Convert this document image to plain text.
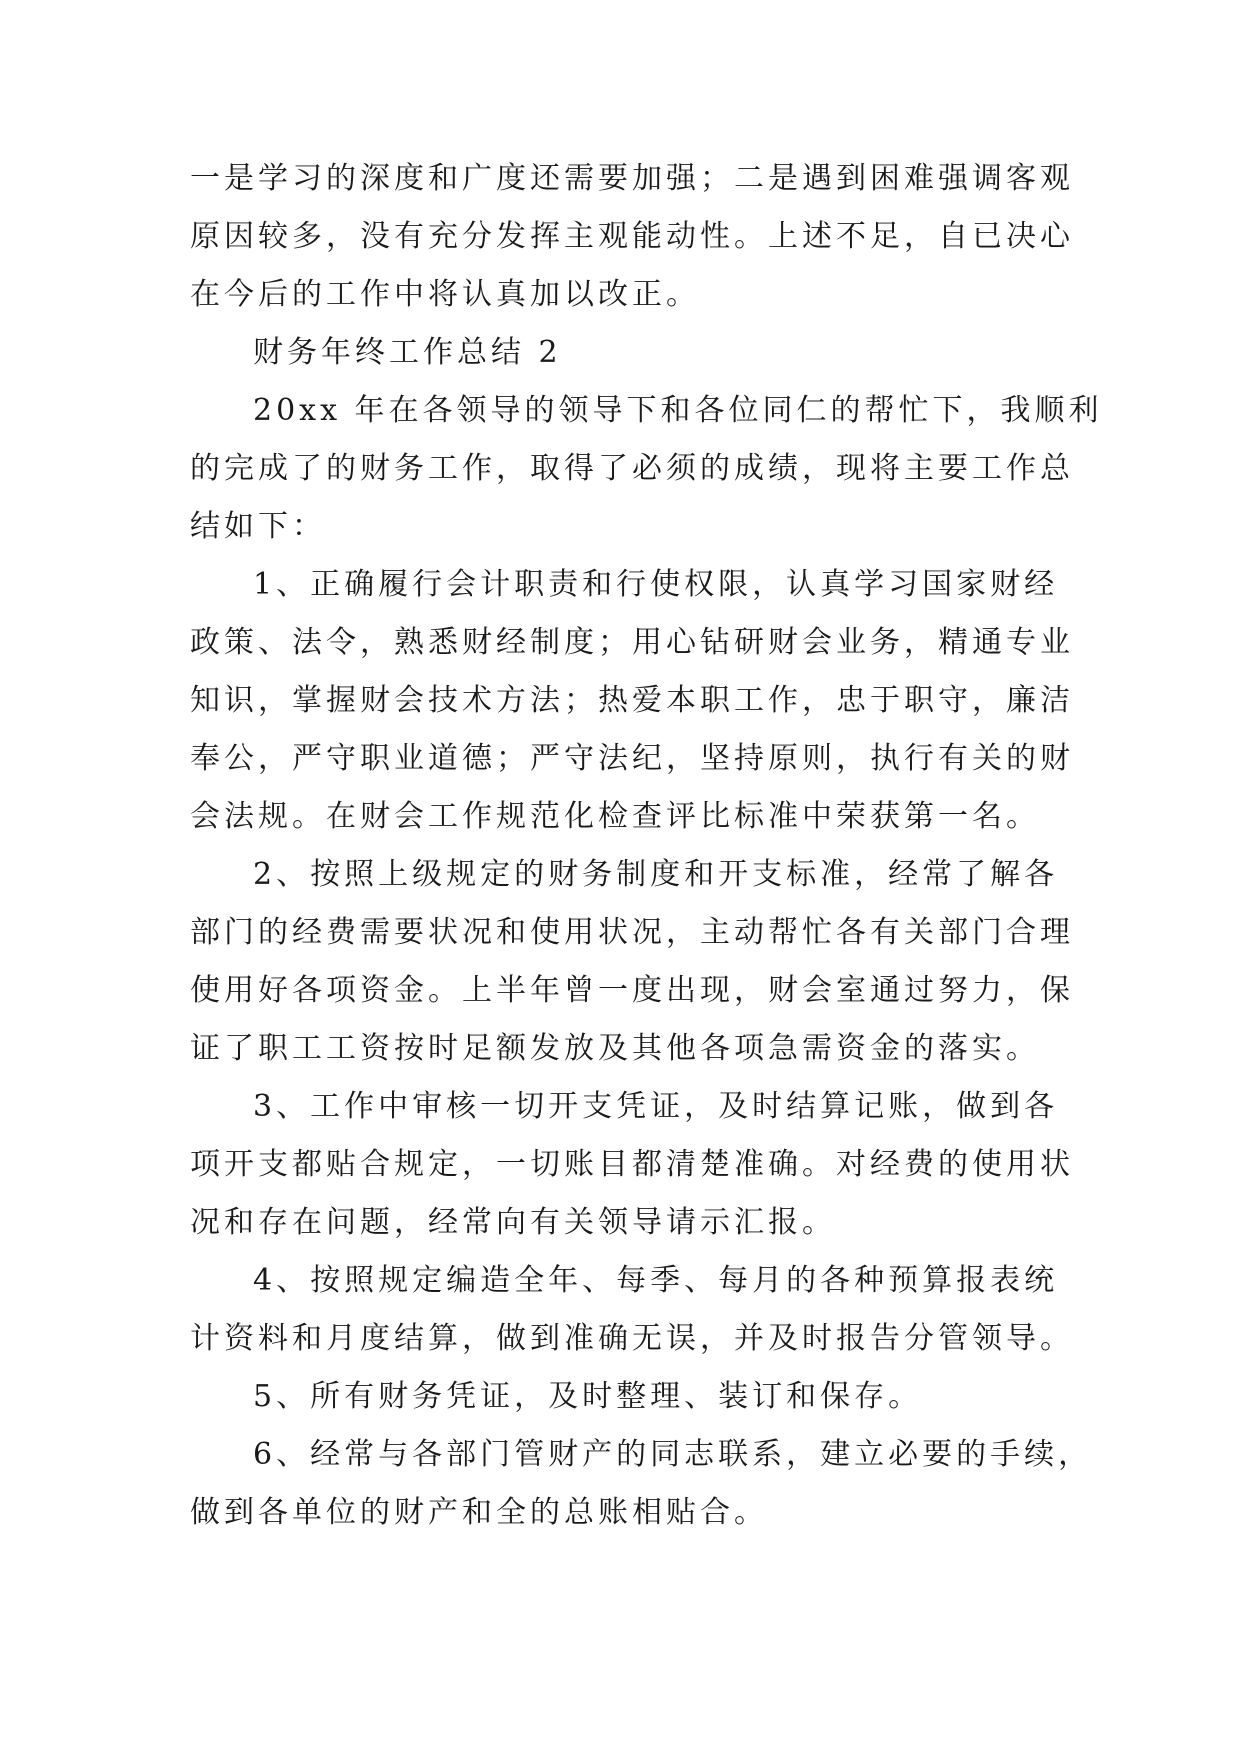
一是学习的深度和广度还需要加强；二是遇到困难强调客观
原因较多，没有充分发挥主观能动性。上述不足，自已决心
在今后的工作中将认真加以改正。
财务年终工作总结 2
20xx 年在各领导的领导下和各位同仁的帮忙下，我顺利
的完成了的财务工作，取得了必须的成绩，现将主要工作总
结如下：
1、正确履行会计职责和行使权限，认真学习国家财经
政策、法令，熟悉财经制度；用心钻研财会业务，精通专业
知识，掌握财会技术方法；热爱本职工作，忠于职守，廉洁
奉公，严守职业道德；严守法纪，坚持原则，执行有关的财
会法规。在财会工作规范化检查评比标准中荣获第一名。
2、按照上级规定的财务制度和开支标准，经常了解各
部门的经费需要状况和使用状况，主动帮忙各有关部门合理
使用好各项资金。上半年曾一度出现，财会室通过努力，保
证了职工工资按时足额发放及其他各项急需资金的落实。
3、工作中审核一切开支凭证，及时结算记账，做到各
项开支都贴合规定，一切账目都清楚准确。对经费的使用状
况和存在问题，经常向有关领导请示汇报。
4、按照规定编造全年、每季、每月的各种预算报表统
计资料和月度结算，做到准确无误，并及时报告分管领导。
5、所有财务凭证，及时整理、装订和保存。
6、经常与各部门管财产的同志联系，建立必要的手续，
做到各单位的财产和全的总账相贴合。
